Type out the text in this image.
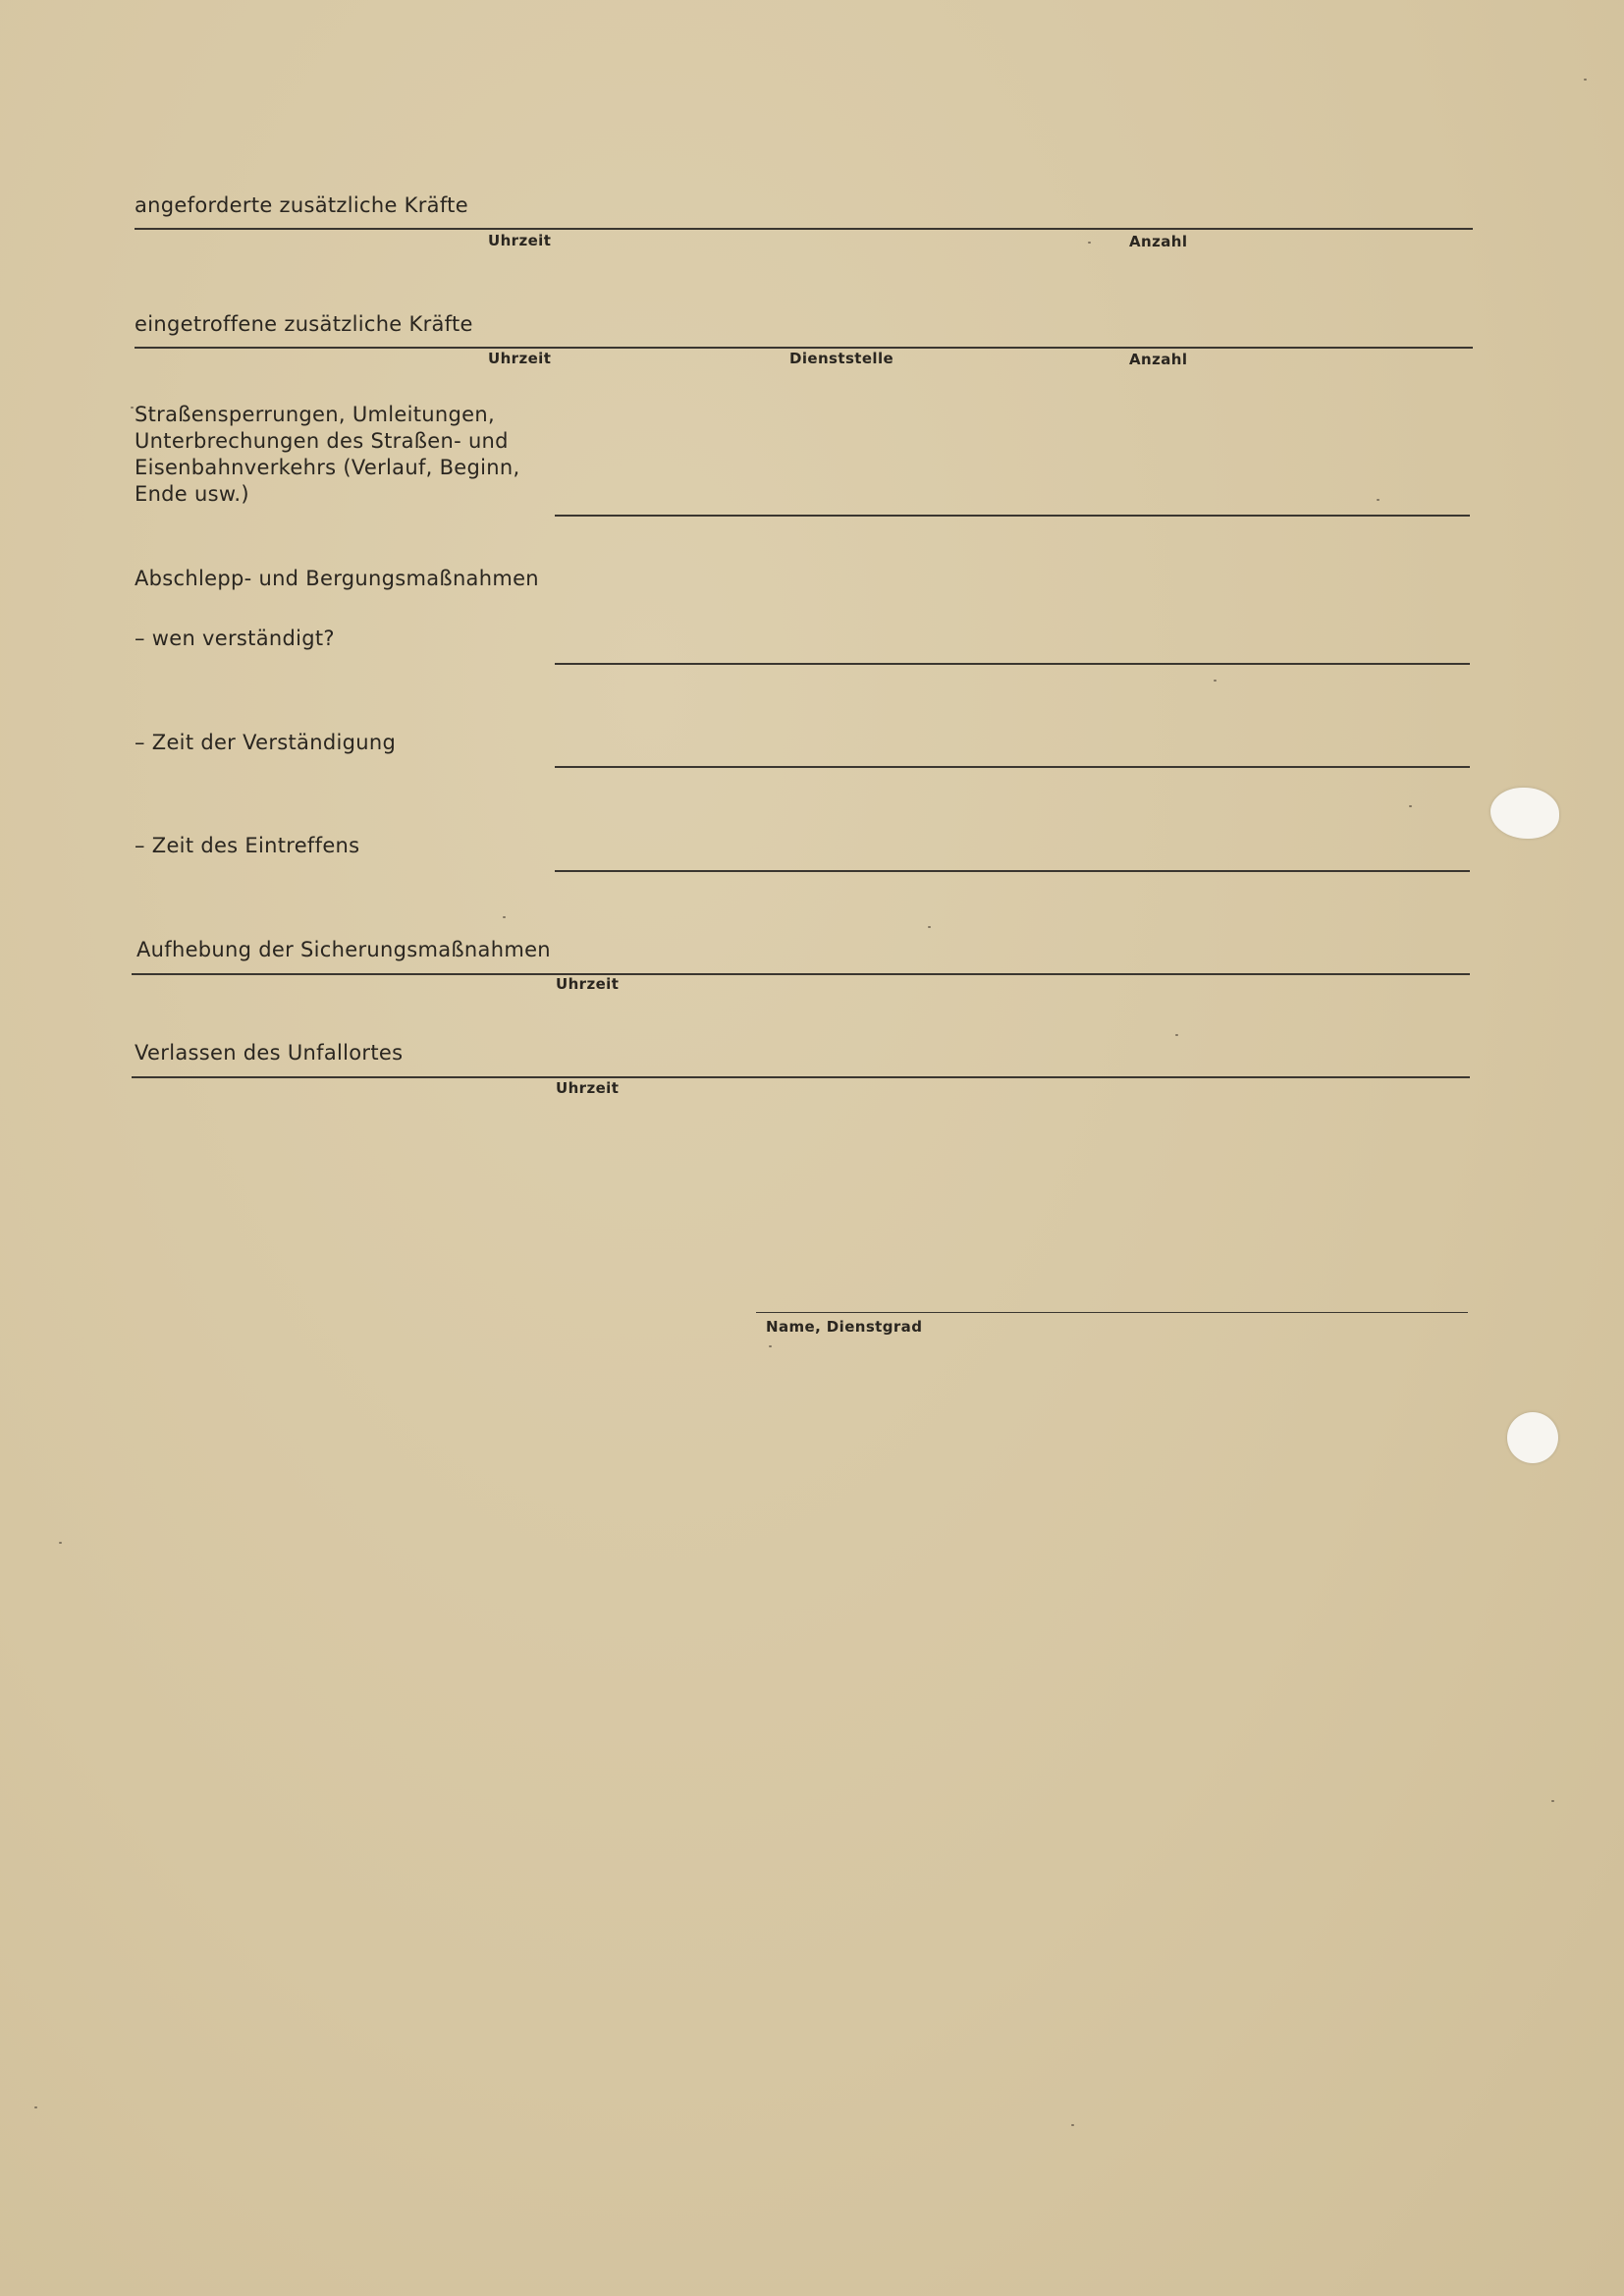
angeforderte zusätzliche Kräfte
Uhrzeit	Anzahl
eingetroffene zusätzliche Kräfte
Uhrzeit	Dienststelle	Anzahl
Straßensperrungen, Umleitungen,
Unterbrechungen des Straßen- und
Eisenbahnverkehrs (Verlauf, Beginn,
Ende usw.)
Abschlepp- und Bergungsmaßnahmen
– wen verständigt?
– Zeit der Verständigung
– Zeit des Eintreffens
Aufhebung der Sicherungsmaßnahmen
Uhrzeit
Verlassen des Unfallortes
Uhrzeit
Name, Dienstgrad
